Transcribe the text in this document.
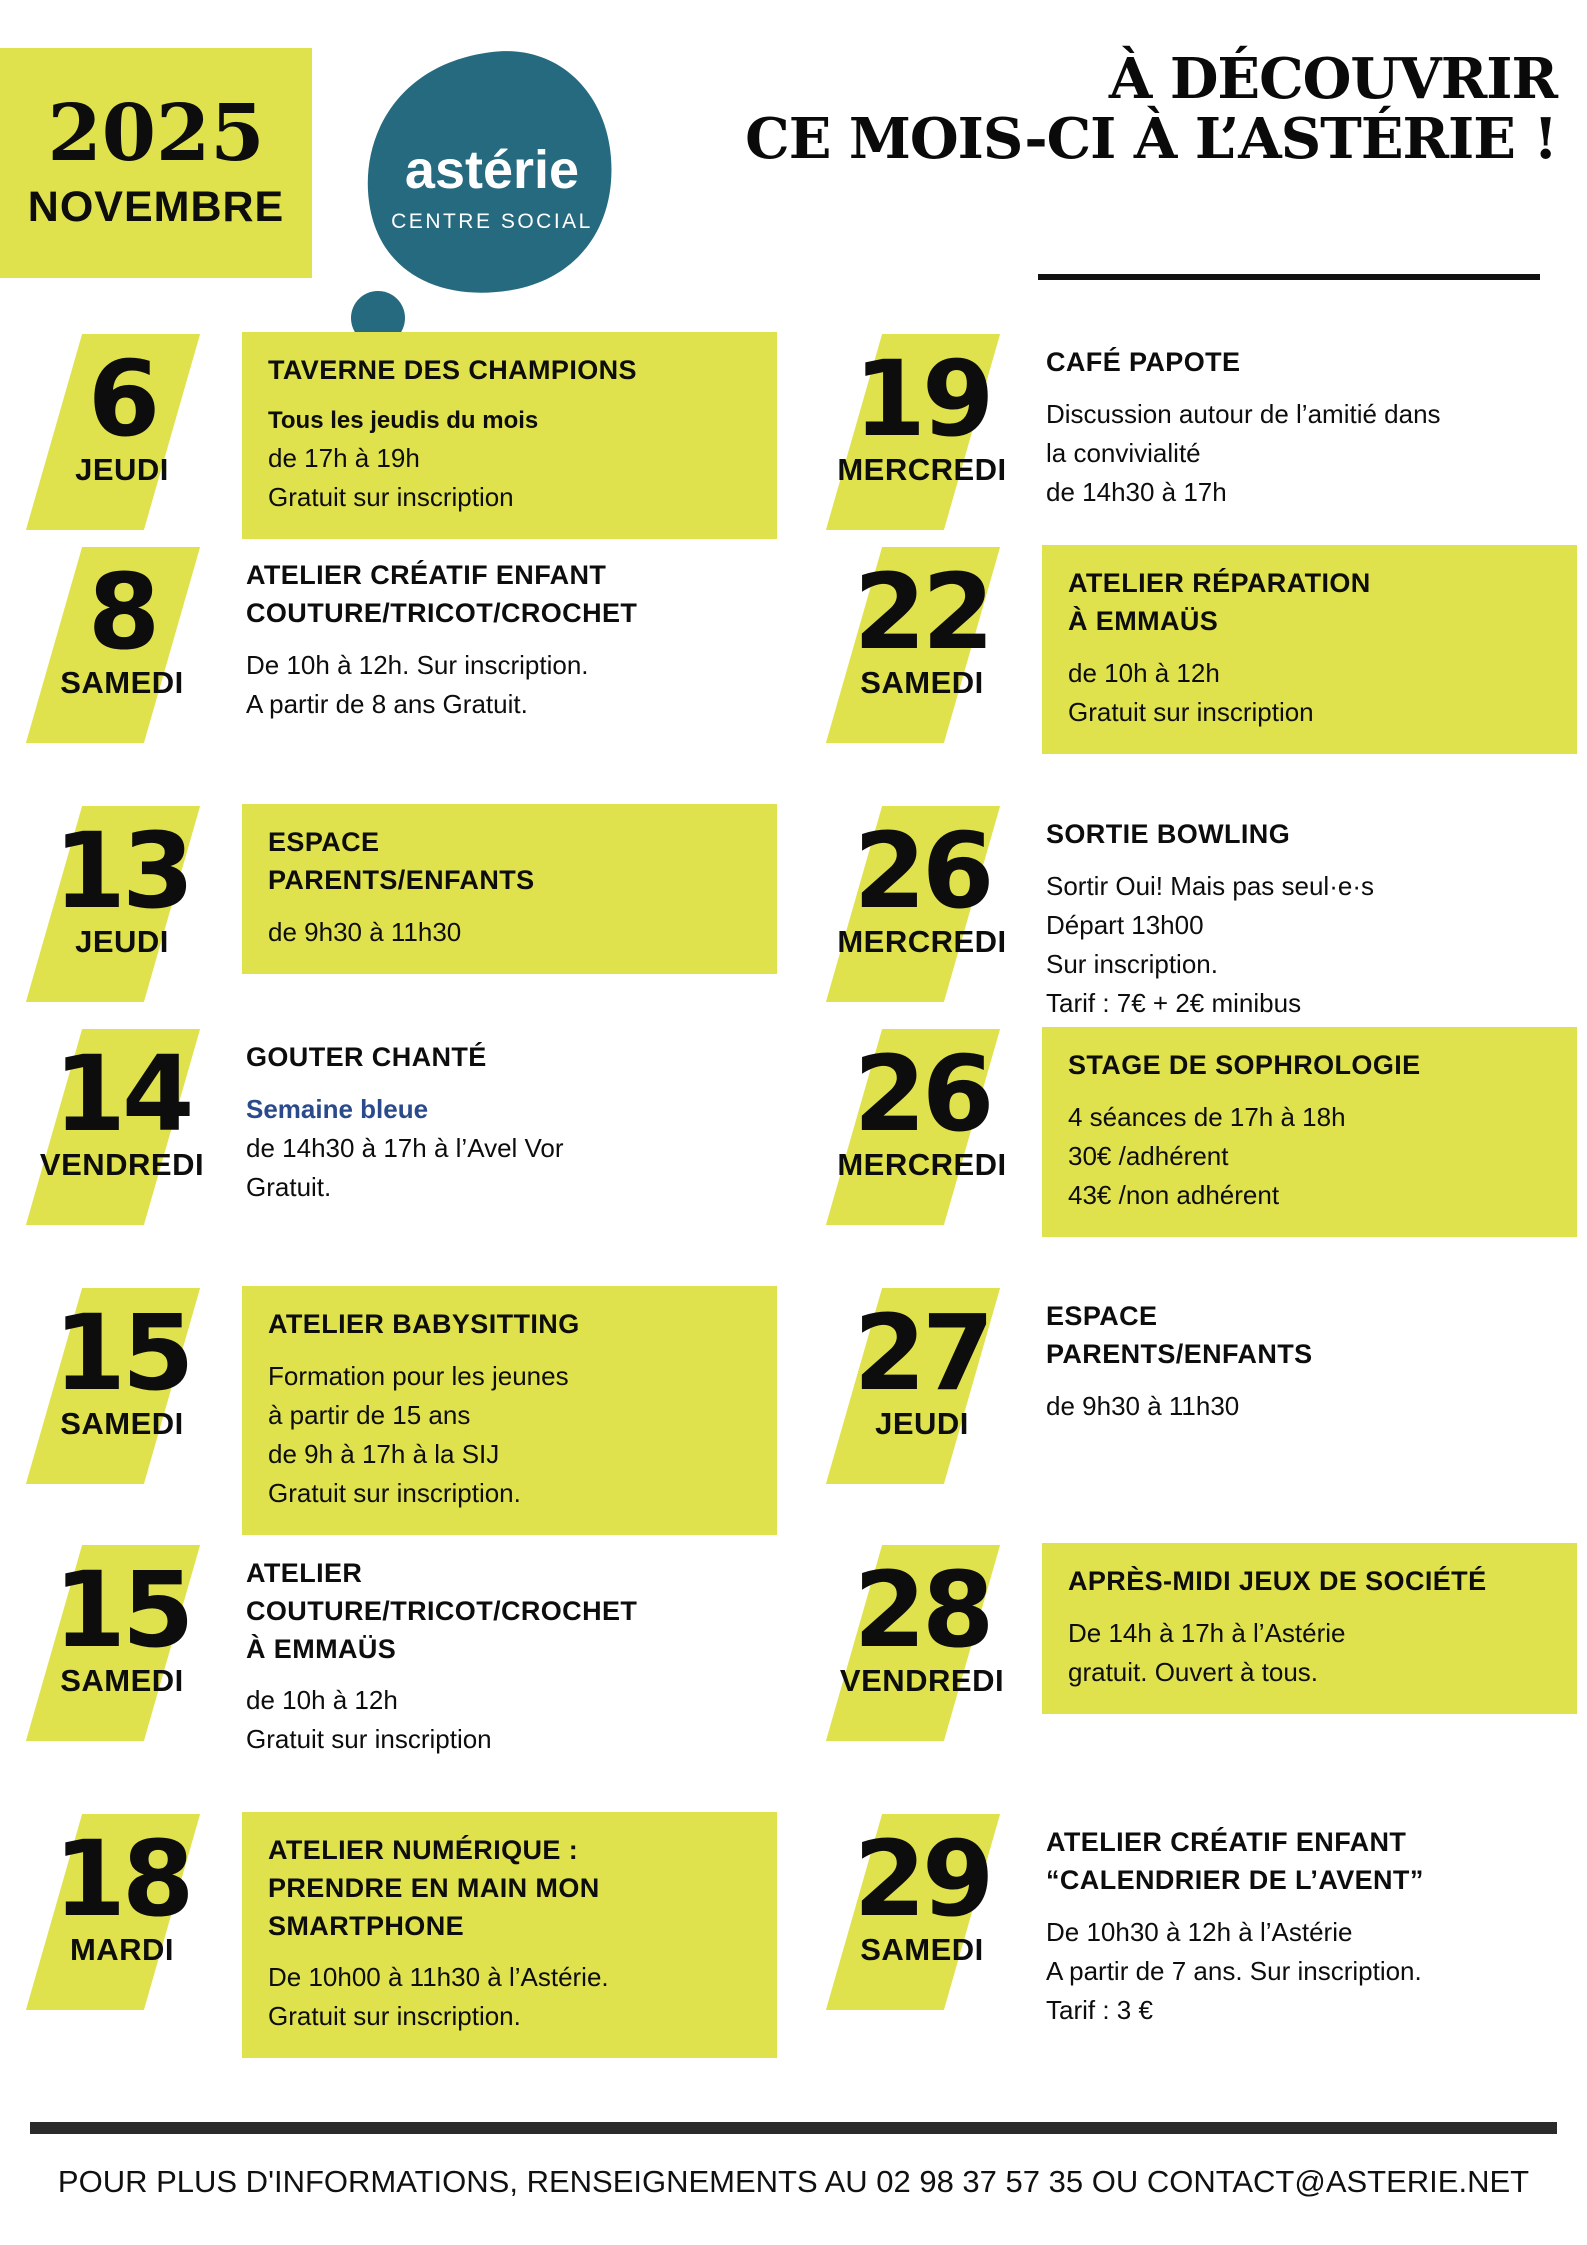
2025
NOVEMBRE
astérie
CENTRE SOCIAL
À DÉCOUVRIR
CE MOIS-CI À L’ASTÉRIE !
6
JEUDI
TAVERNE DES CHAMPIONS
Tous les jeudis du mois
de 17h à 19h
Gratuit sur inscription
8
SAMEDI
ATELIER CRÉATIF ENFANT
COUTURE/TRICOT/CROCHET
De 10h à 12h. Sur inscription.
A partir de 8 ans Gratuit.
13
JEUDI
ESPACE
PARENTS/ENFANTS
de 9h30 à 11h30
14
VENDREDI
GOUTER CHANTÉ
Semaine bleue
de 14h30 à 17h à l’Avel Vor
Gratuit.
15
SAMEDI
ATELIER BABYSITTING
Formation pour les jeunes
à partir de 15 ans
de 9h à 17h à la SIJ
Gratuit sur inscription.
15
SAMEDI
ATELIER
COUTURE/TRICOT/CROCHET
À EMMAÜS
de 10h à 12h
Gratuit sur inscription
18
MARDI
ATELIER NUMÉRIQUE :
PRENDRE EN MAIN MON
SMARTPHONE
De 10h00 à 11h30 à l’Astérie.
Gratuit sur inscription.
19
MERCREDI
CAFÉ PAPOTE
Discussion autour de l’amitié dans
la convivialité
de 14h30 à 17h
22
SAMEDI
ATELIER RÉPARATION
À EMMAÜS
de 10h à 12h
Gratuit sur inscription
26
MERCREDI
SORTIE BOWLING
Sortir Oui! Mais pas seul·e·s
Départ 13h00
Sur inscription.
Tarif : 7€ + 2€ minibus
26
MERCREDI
STAGE DE SOPHROLOGIE
4 séances de 17h à 18h
30€ /adhérent
43€ /non adhérent
27
JEUDI
ESPACE
PARENTS/ENFANTS
de 9h30 à 11h30
28
VENDREDI
APRÈS-MIDI JEUX DE SOCIÉTÉ
De 14h à 17h à l’Astérie
gratuit. Ouvert à tous.
29
SAMEDI
ATELIER CRÉATIF ENFANT
“CALENDRIER DE L’AVENT”
De 10h30 à 12h à l’Astérie
A partir de 7 ans. Sur inscription.
Tarif : 3 €
POUR PLUS D'INFORMATIONS, RENSEIGNEMENTS AU 02 98 37 57 35 OU CONTACT@ASTERIE.NET
